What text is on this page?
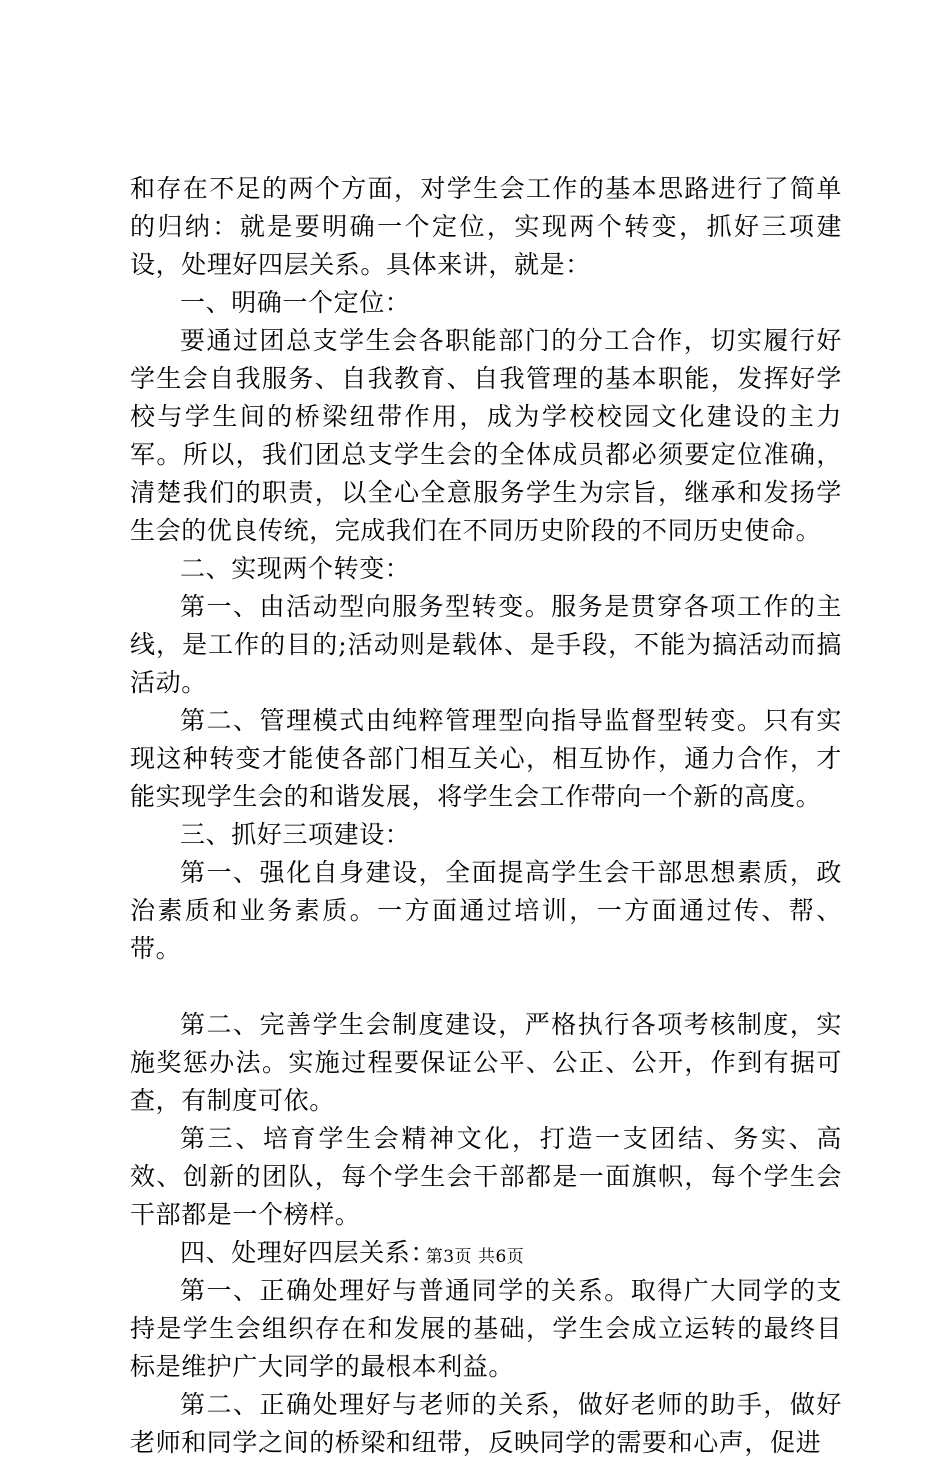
和存在不足的两个方面，对学生会工作的基本思路进行了简单的归纳：就是要明确一个定位，实现两个转变，抓好三项建设，处理好四层关系。具体来讲，就是：

一、明确一个定位：

要通过团总支学生会各职能部门的分工合作，切实履行好学生会自我服务、自我教育、自我管理的基本职能，发挥好学校与学生间的桥梁纽带作用，成为学校校园文化建设的主力军。所以，我们团总支学生会的全体成员都必须要定位准确，清楚我们的职责，以全心全意服务学生为宗旨，继承和发扬学生会的优良传统，完成我们在不同历史阶段的不同历史使命。

二、实现两个转变：

第一、由活动型向服务型转变。服务是贯穿各项工作的主线，是工作的目的;活动则是载体、是手段，不能为搞活动而搞活动。

第二、管理模式由纯粹管理型向指导监督型转变。只有实现这种转变才能使各部门相互关心，相互协作，通力合作，才能实现学生会的和谐发展，将学生会工作带向一个新的高度。

三、抓好三项建设：

第一、强化自身建设，全面提高学生会干部思想素质，政治素质和业务素质。一方面通过培训，一方面通过传、帮、带。

第二、完善学生会制度建设，严格执行各项考核制度，实施奖惩办法。实施过程要保证公平、公正、公开，作到有据可查，有制度可依。

第三、培育学生会精神文化，打造一支团结、务实、高效、创新的团队，每个学生会干部都是一面旗帜，每个学生会干部都是一个榜样。

四、处理好四层关系：

第一、正确处理好与普通同学的关系。取得广大同学的支持是学生会组织存在和发展的基础，学生会成立运转的最终目标是维护广大同学的最根本利益。

第二、正确处理好与老师的关系，做好老师的助手，做好老师和同学之间的桥梁和纽带，反映同学的需要和心声，促进

第3页 共6页
